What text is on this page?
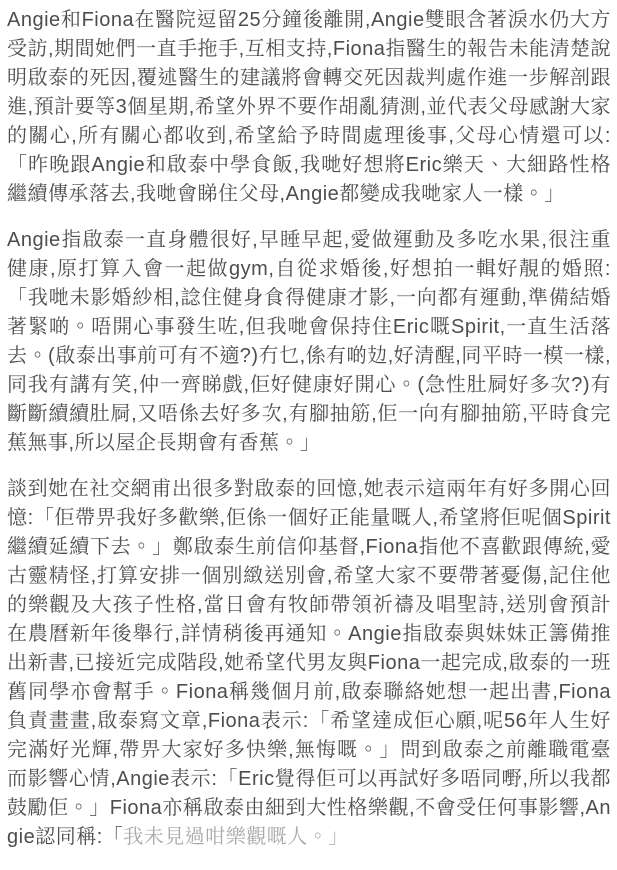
Angie和Fiona在醫院逗留25分鐘後離開,Angie雙眼含著淚水仍大方受訪,期間她們一直手拖手,互相支持,Fiona指醫生的報告未能清楚說明啟泰的死因,覆述醫生的建議將會轉交死因裁判處作進一步解剖跟進,預計要等3個星期,希望外界不要作胡亂猜測,並代表父母感謝大家的關心,所有關心都收到,希望給予時間處理後事,父母心情還可以:「昨晚跟Angie和啟泰中學食飯,我哋好想將Eric樂天、大細路性格繼續傳承落去,我哋會睇住父母,Angie都變成我哋家人一樣。」

Angie指啟泰一直身體很好,早睡早起,愛做運動及多吃水果,很注重健康,原打算入會一起做gym,自從求婚後,好想拍一輯好靚的婚照:「我哋未影婚紗相,諗住健身食得健康才影,一向都有運動,準備結婚著緊啲。唔開心事發生咗,但我哋會保持住Eric嘅Spirit,一直生活落去。(啟泰出事前可有不適?)冇乜,係有啲攰,好清醒,同平時一模一樣,同我有講有笑,仲一齊睇戲,佢好健康好開心。(急性肚屙好多次?)有斷斷續續肚屙,又唔係去好多次,有腳抽筋,佢一向有腳抽筋,平時食完蕉無事,所以屋企長期會有香蕉。」

談到她在社交網甫出很多對啟泰的回憶,她表示這兩年有好多開心回憶:「佢帶畀我好多歡樂,佢係一個好正能量嘅人,希望將佢呢個Spirit繼續延續下去。」鄭啟泰生前信仰基督,Fiona指他不喜歡跟傳統,愛古靈精怪,打算安排一個別緻送別會,希望大家不要帶著憂傷,記住他的樂觀及大孩子性格,當日會有牧師帶領祈禱及唱聖詩,送別會預計在農曆新年後舉行,詳情稍後再通知。Angie指啟泰與妹妹正籌備推出新書,已接近完成階段,她希望代男友與Fiona一起完成,啟泰的一班舊同學亦會幫手。Fiona稱幾個月前,啟泰聯絡她想一起出書,Fiona負責畫畫,啟泰寫文章,Fiona表示:「希望達成佢心願,呢56年人生好完滿好光輝,帶畀大家好多快樂,無悔嘅。」問到啟泰之前離職電臺而影響心情,Angie表示:「Eric覺得佢可以再試好多唔同嘢,所以我都鼓勵佢。」Fiona亦稱啟泰由細到大性格樂觀,不會受任何事影響,Angie認同稱:「我未見過咁樂觀嘅人。」
